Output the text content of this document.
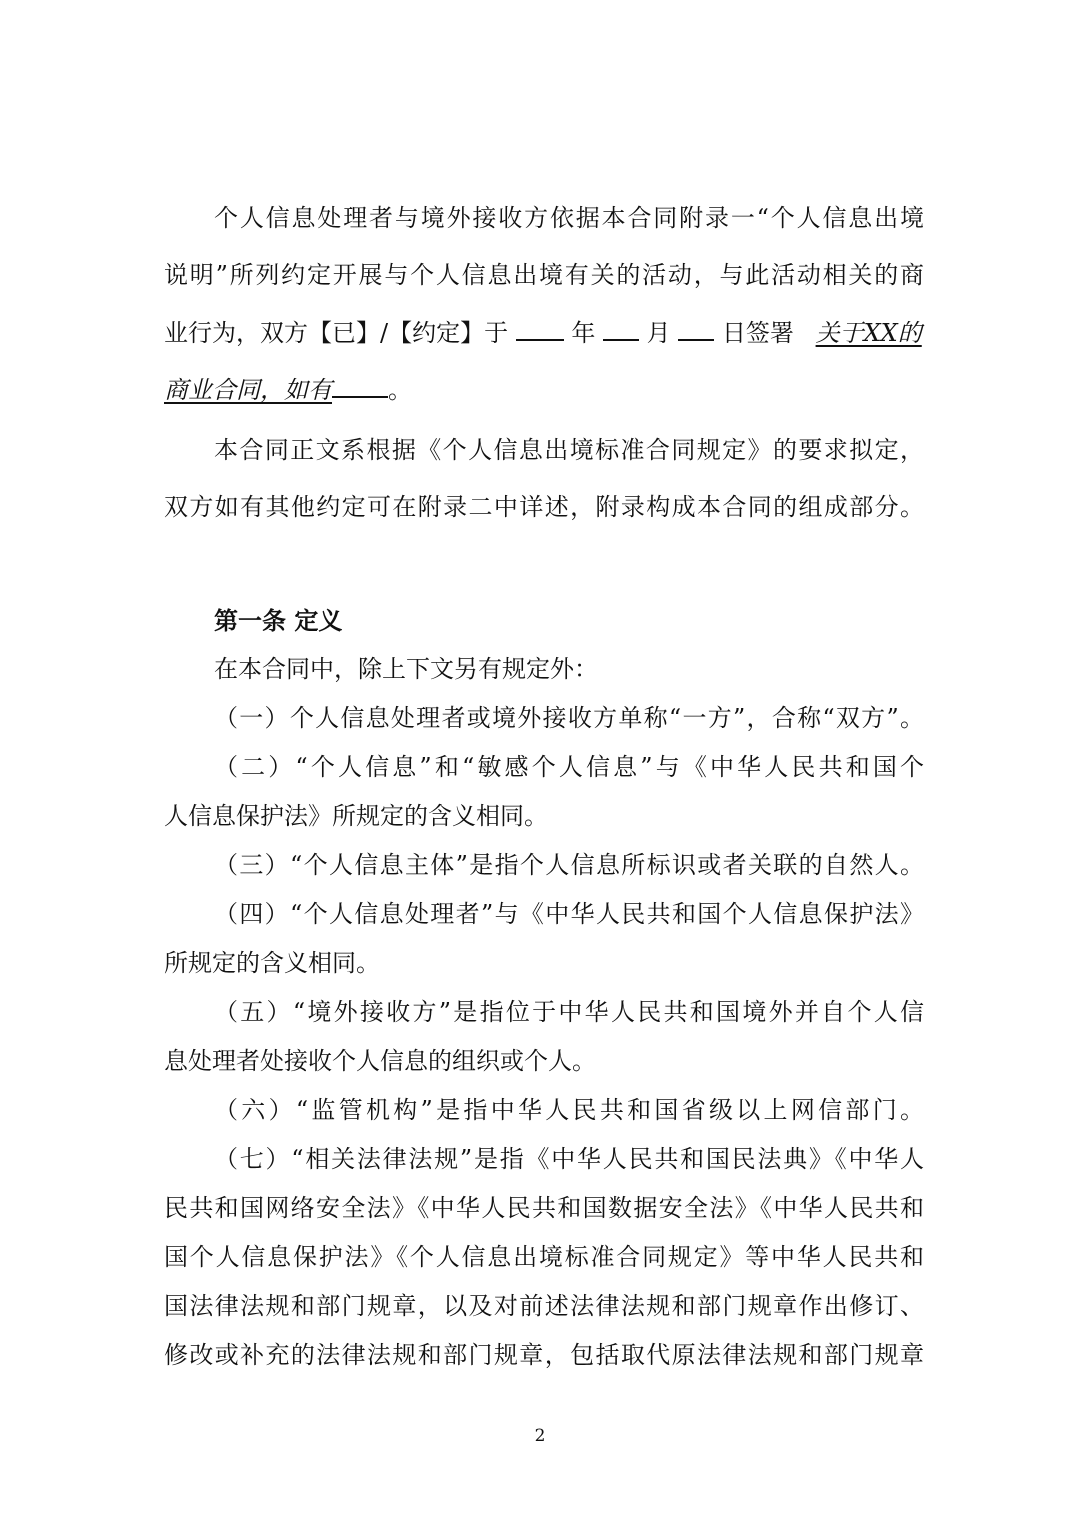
个人信息处理者与境外接收方依据本合同附录一“个人信息出境
说明”所列约定开展与个人信息出境有关的活动，与此活动相关的商
业行为，双方【已】/【约定】于	年 月 日签署 关于XX的
商业合同，如有 。
本合同正文系根据《个人信息出境标准合同规定》的要求拟定，
双方如有其他约定可在附录二中详述，附录构成本合同的组成部分。
第一条 定义
在本合同中，除上下文另有规定外：
（一）个人信息处理者或境外接收方单称“一方”，合称“双方”。
（二）“个人信息”和“敏感个人信息”与《中华人民共和国个
人信息保护法》所规定的含义相同。
（三）“个人信息主体”是指个人信息所标识或者关联的自然人。
（四）“个人信息处理者”与《中华人民共和国个人信息保护法》
所规定的含义相同。
（五）“境外接收方”是指位于中华人民共和国境外并自个人信
息处理者处接收个人信息的组织或个人。
（六）“监管机构”是指中华人民共和国省级以上网信部门。
（七）“相关法律法规”是指《中华人民共和国民法典》《中华人
民共和国网络安全法》《中华人民共和国数据安全法》《中华人民共和
国个人信息保护法》《个人信息出境标准合同规定》等中华人民共和
国法律法规和部门规章，以及对前述法律法规和部门规章作出修订、
修改或补充的法律法规和部门规章，包括取代原法律法规和部门规章
2
